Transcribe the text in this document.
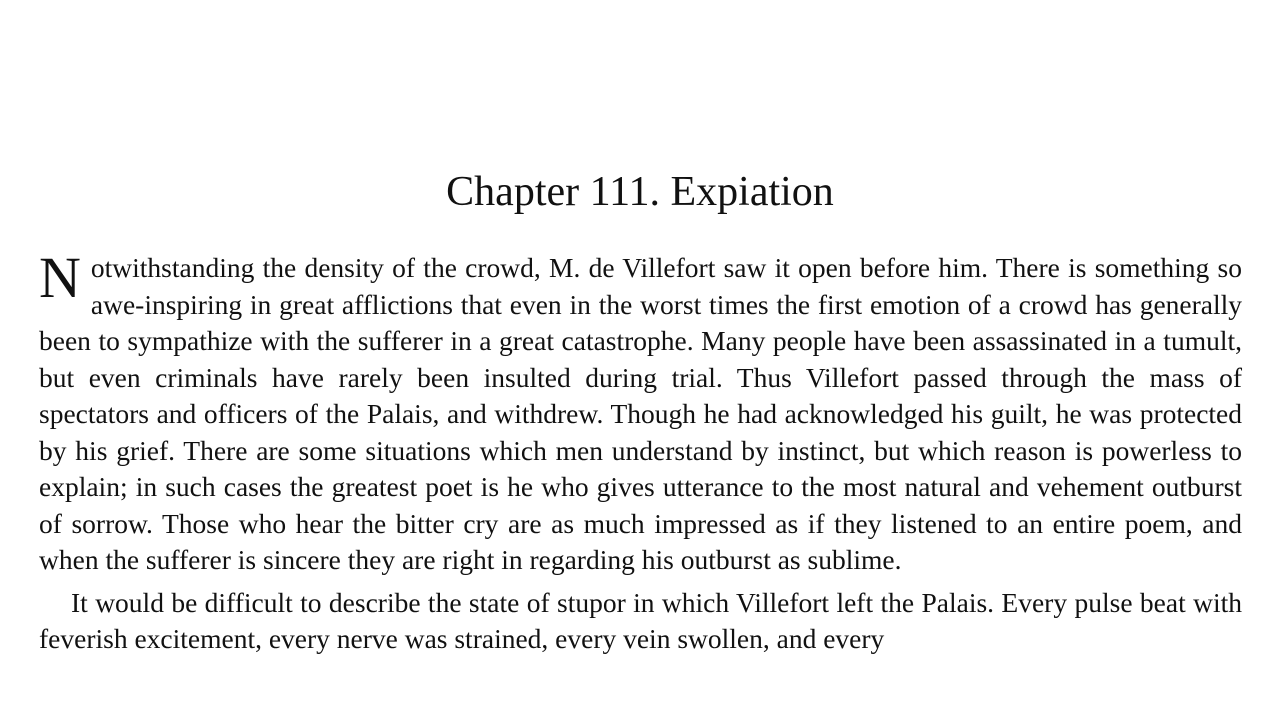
Chapter 111. Expiation

Notwithstanding the density of the crowd, M. de Villefort saw it open before him. There is something so awe-inspiring in great afflictions that even in the worst times the first emotion of a crowd has generally been to sympathize with the sufferer in a great catastrophe. Many people have been assassinated in a tumult, but even criminals have rarely been insulted during trial. Thus Villefort passed through the mass of spectators and officers of the Palais, and withdrew. Though he had acknowledged his guilt, he was protected by his grief. There are some situations which men understand by instinct, but which reason is powerless to explain; in such cases the greatest poet is he who gives utterance to the most natural and vehement outburst of sorrow. Those who hear the bitter cry are as much impressed as if they listened to an entire poem, and when the sufferer is sincere they are right in regarding his outburst as sublime.

It would be difficult to describe the state of stupor in which Villefort left the Palais. Every pulse beat with feverish excitement, every nerve was strained, every vein swollen, and every
